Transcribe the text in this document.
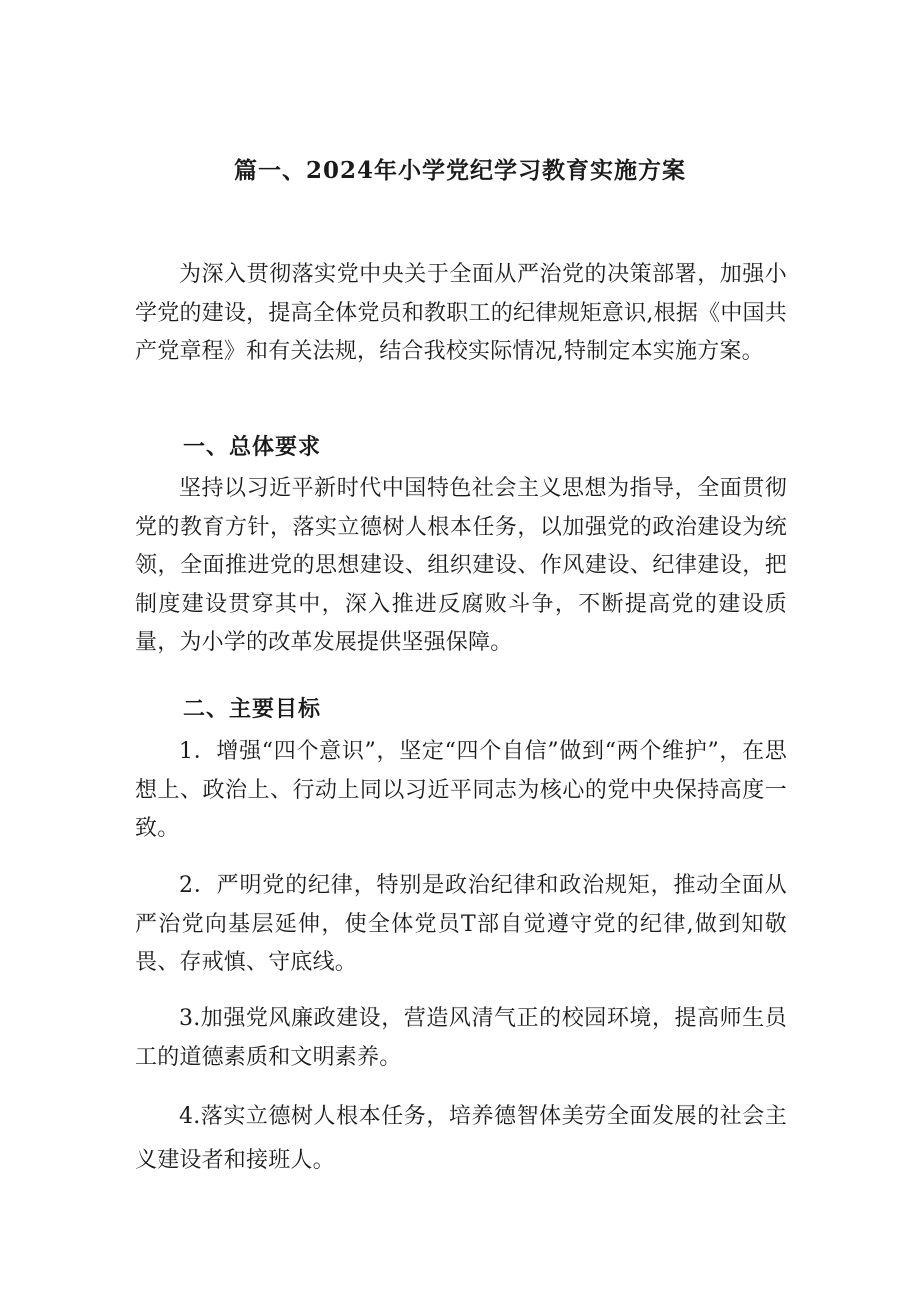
篇一、2024年小学党纪学习教育实施方案

为深入贯彻落实党中央关于全面从严治党的决策部署，加强小学党的建设，提高全体党员和教职工的纪律规矩意识,根据《中国共产党章程》和有关法规，结合我校实际情况,特制定本实施方案。

一、总体要求

坚持以习近平新时代中国特色社会主义思想为指导，全面贯彻党的教育方针，落实立德树人根本任务，以加强党的政治建设为统领，全面推进党的思想建设、组织建设、作风建设、纪律建设，把制度建设贯穿其中，深入推进反腐败斗争，不断提高党的建设质量，为小学的改革发展提供坚强保障。

二、主要目标

1．增强“四个意识”，坚定“四个自信”做到“两个维护”，在思想上、政治上、行动上同以习近平同志为核心的党中央保持高度一致。

2．严明党的纪律，特别是政治纪律和政治规矩，推动全面从严治党向基层延伸，使全体党员T部自觉遵守党的纪律,做到知敬畏、存戒慎、守底线。

3.加强党风廉政建设，营造风清气正的校园环境，提高师生员工的道德素质和文明素养。

4.落实立德树人根本任务，培养德智体美劳全面发展的社会主义建设者和接班人。
